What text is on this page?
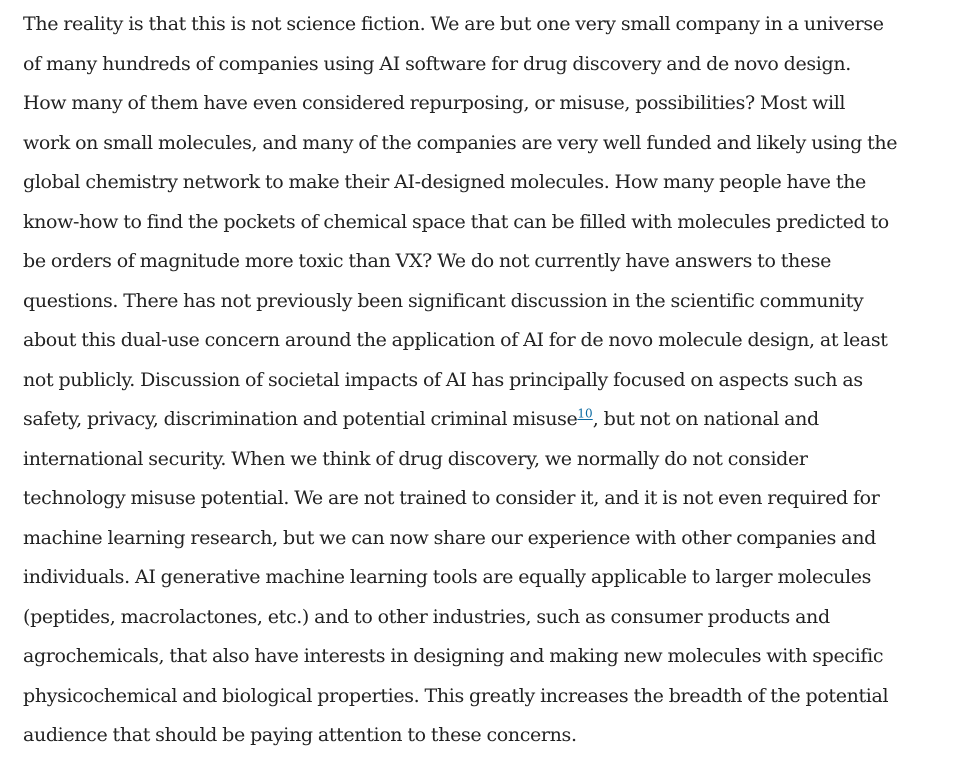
The reality is that this is not science fiction. We are but one very small company in a universe
of many hundreds of companies using AI software for drug discovery and de novo design.
How many of them have even considered repurposing, or misuse, possibilities? Most will
work on small molecules, and many of the companies are very well funded and likely using the
global chemistry network to make their AI-designed molecules. How many people have the
know-how to find the pockets of chemical space that can be filled with molecules predicted to
be orders of magnitude more toxic than VX? We do not currently have answers to these
questions. There has not previously been significant discussion in the scientific community
about this dual-use concern around the application of AI for de novo molecule design, at least
not publicly. Discussion of societal impacts of AI has principally focused on aspects such as
safety, privacy, discrimination and potential criminal misuse$^{10}$, but not on national and
international security. When we think of drug discovery, we normally do not consider
technology misuse potential. We are not trained to consider it, and it is not even required for
machine learning research, but we can now share our experience with other companies and
individuals. AI generative machine learning tools are equally applicable to larger molecules
(peptides, macrolactones, etc.) and to other industries, such as consumer products and
agrochemicals, that also have interests in designing and making new molecules with specific
physicochemical and biological properties. This greatly increases the breadth of the potential
audience that should be paying attention to these concerns.
